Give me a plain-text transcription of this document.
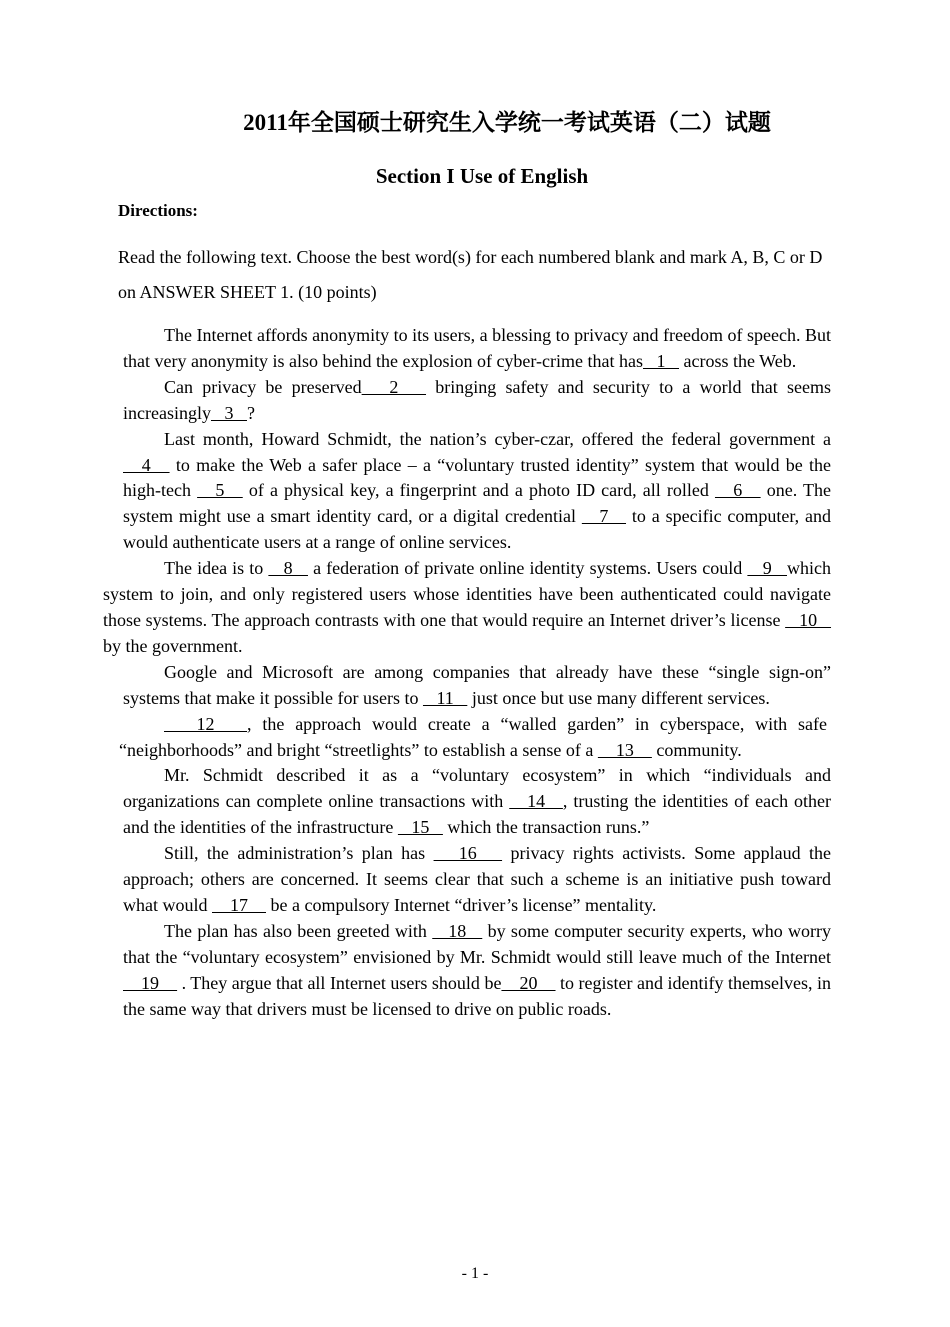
2011年全国硕士研究生入学统一考试英语（二）试题
Section I Use of English
Directions:

Read the following text. Choose the best word(s) for each numbered blank and mark A, B, C or D on ANSWER SHEET 1. (10 points)

The Internet affords anonymity to its users, a blessing to privacy and freedom of speech. But that very anonymity is also behind the explosion of cyber-crime that has   1    across the Web.

Can privacy be preserved   2    bringing safety and security to a world that seems increasingly   3   ?

Last month, Howard Schmidt, the nation’s cyber-czar, offered the federal government a    4    to make the Web a safer place – a “voluntary trusted identity” system that would be the high-tech    5    of a physical key, a fingerprint and a photo ID card, all rolled    6    one. The system might use a smart identity card, or a digital credential    7    to a specific computer, and would authenticate users at a range of online services.

The idea is to    8    a federation of private online identity systems. Users could    9   which system to join, and only registered users whose identities have been authenticated could navigate those systems. The approach contrasts with one that would require an Internet driver’s license    10    by the government.

Google and Microsoft are among companies that already have these “single sign-on” systems that make it possible for users to    11    just once but use many different services.

12   , the approach would create a “walled garden” in cyberspace, with safe “neighborhoods” and bright “streetlights” to establish a sense of a     13     community.

Mr. Schmidt described it as a “voluntary ecosystem” in which “individuals and organizations can complete online transactions with    14   , trusting the identities of each other and the identities of the infrastructure    15    which the transaction runs.”

Still, the administration’s plan has    16    privacy rights activists. Some applaud the approach; others are concerned. It seems clear that such a scheme is an initiative push toward what would     17     be a compulsory Internet “driver’s license” mentality.

The plan has also been greeted with    18    by some computer security experts, who worry that the “voluntary ecosystem” envisioned by Mr. Schmidt would still leave much of the Internet    19     . They argue that all Internet users should be    20     to register and identify themselves, in the same way that drivers must be licensed to drive on public roads.

- 1 -
